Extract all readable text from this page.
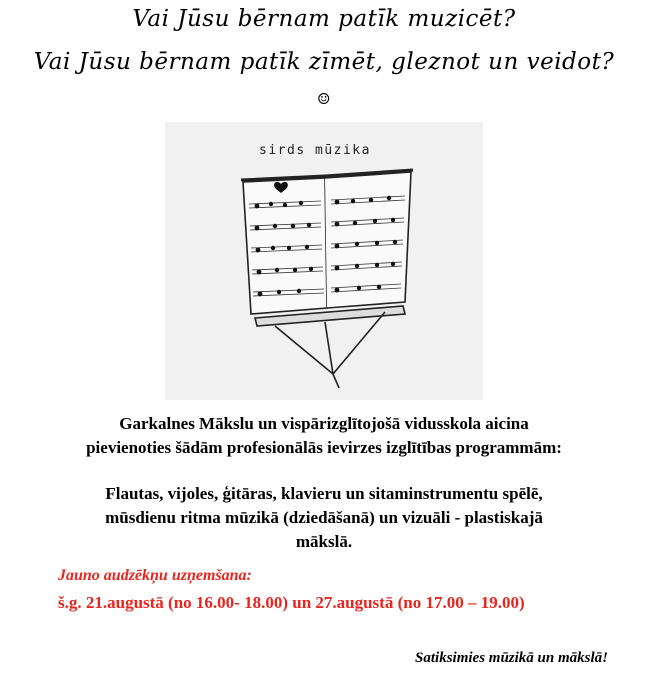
Vai Jūsu bērnam patīk muzicēt?
Vai Jūsu bērnam patīk zīmēt, gleznot un veidot?
☺
sirds mūzika
Garkalnes Mākslu un vispārizglītojošā vidusskola aicina
pievienoties šādām profesionālās ievirzes izglītības programmām:
Flautas, vijoles, ģitāras, klavieru un sitaminstrumentu spēlē,
mūsdienu ritma mūzikā (dziedāšanā) un vizuāli - plastiskajā
mākslā.
Jauno audzēkņu uzņemšana:
š.g. 21.augustā (no 16.00- 18.00) un 27.augustā (no 17.00 – 19.00)
Satiksimies mūzikā un mākslā!
